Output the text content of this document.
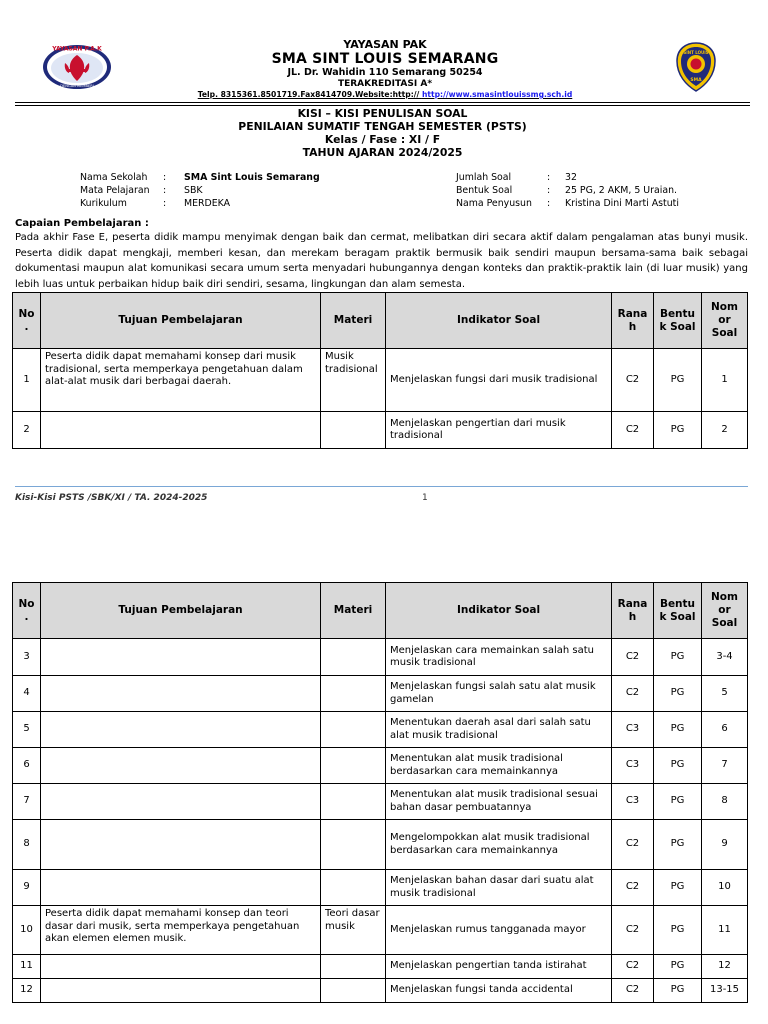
YAYASAN P.A.K
DENGAN MEMBERI
SINT LOUIS
SMA
YAYASAN PAK
SMA SINT LOUIS SEMARANG
JL. Dr. Wahidin 110 Semarang 50254
TERAKREDITASI A*
Telp. 8315361.8501719.Fax8414709.Website:http:// http://www.smasintlouissmg.sch.id
KISI – KISI PENULISAN SOAL
PENILAIAN SUMATIF TENGAH SEMESTER (PSTS)
Kelas / Fase : XI / F
TAHUN AJARAN 2024/2025
Nama Sekolah : SMA Sint Louis Semarang
Mata Pelajaran : SBK
Kurikulum	: MERDEKA
Jumlah Soal	: 32
Bentuk Soal	: 25 PG, 2 AKM, 5 Uraian.
Nama Penyusun : Kristina Dini Marti Astuti
Capaian Pembelajaran :
Pada akhir Fase E, peserta didik mampu menyimak dengan baik dan cermat, melibatkan diri secara aktif dalam pengalaman atas bunyi musik. Peserta didik dapat mengkaji, memberi kesan, dan merekam beragam praktik bermusik baik sendiri maupun bersama-sama baik sebagai dokumentasi maupun alat komunikasi secara umum serta menyadari hubungannya dengan konteks dan praktik-praktik lain (di luar musik) yang lebih luas untuk perbaikan hidup baik diri sendiri, sesama, lingkungan dan alam semesta.
No .	Tujuan Pembelajaran	Materi	Indikator Soal	Rana h	Bentu k Soal	Nom or Soal
1	Peserta didik dapat memahami konsep dari musik tradisional, serta memperkaya pengetahuan dalam alat-alat musik dari berbagai daerah.	Musik tradisional	Menjelaskan fungsi dari musik tradisional	C2	PG	1
2			Menjelaskan pengertian dari musik tradisional	C2	PG	2
Kisi-Kisi PSTS /SBK/XI / TA. 2024-2025	1
No .	Tujuan Pembelajaran	Materi	Indikator Soal	Rana h	Bentu k Soal	Nom or Soal
3			Menjelaskan cara memainkan salah satu musik tradisional	C2	PG	3-4
4			Menjelaskan fungsi salah satu alat musik gamelan	C2	PG	5
5			Menentukan daerah asal dari salah satu alat musik tradisional	C3	PG	6
6			Menentukan alat musik tradisional berdasarkan cara memainkannya	C3	PG	7
7			Menentukan alat musik tradisional sesuai bahan dasar pembuatannya	C3	PG	8
8			Mengelompokkan alat musik tradisional berdasarkan cara memainkannya	C2	PG	9
9			Menjelaskan bahan dasar dari suatu alat musik tradisional	C2	PG	10
10	Peserta didik dapat memahami konsep dan teori dasar dari musik, serta memperkaya pengetahuan akan elemen elemen musik.	Teori dasar musik	Menjelaskan rumus tangganada mayor	C2	PG	11
11			Menjelaskan pengertian tanda istirahat	C2	PG	12
12			Menjelaskan fungsi tanda accidental	C2	PG	13-15
